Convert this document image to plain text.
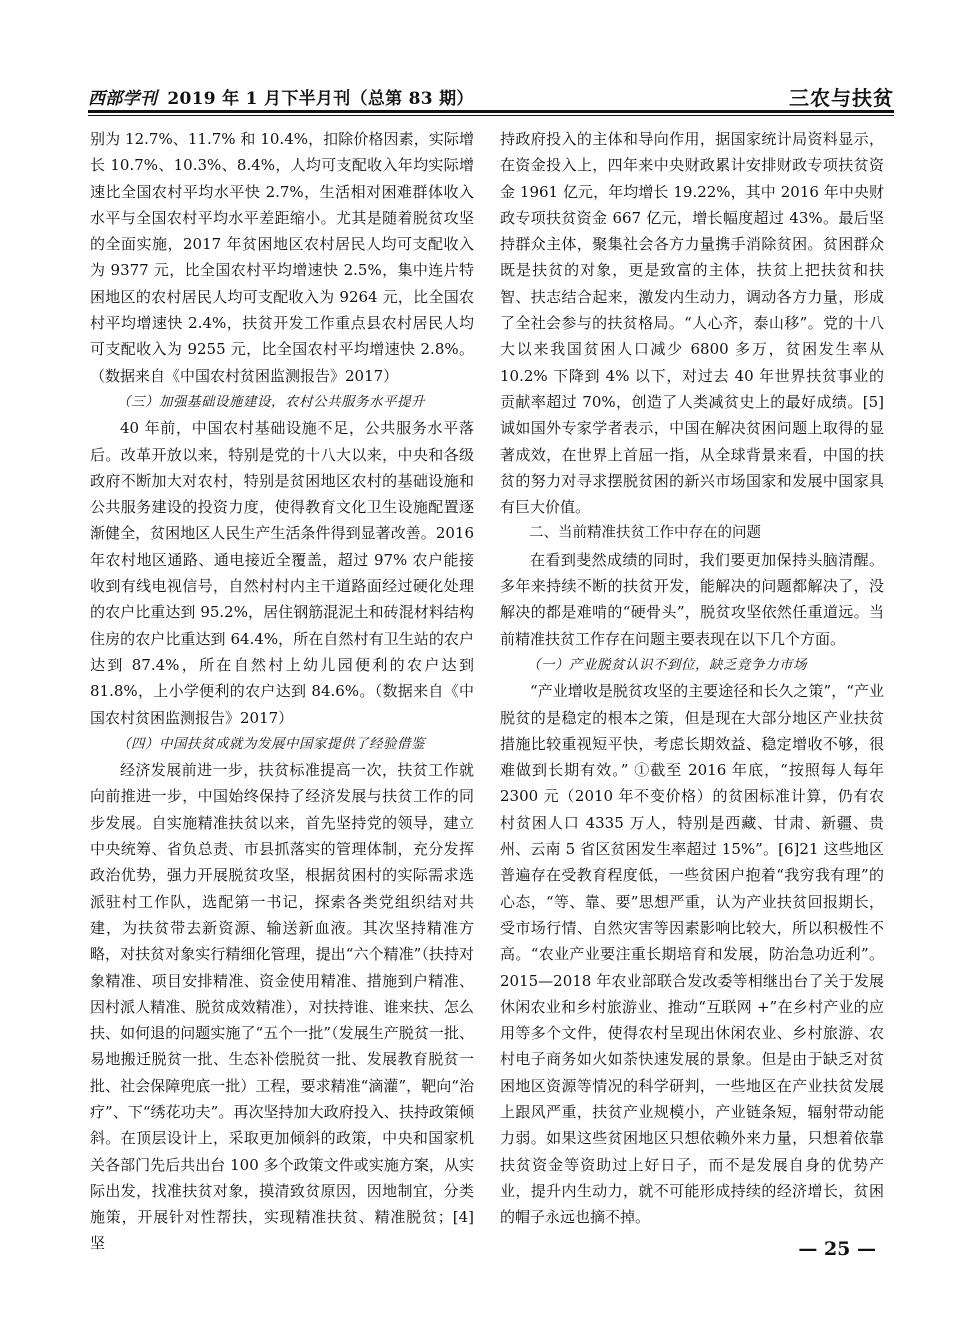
西部学刊 2019 年 1 月下半月刊（总第 83 期）	三农与扶贫

别为 12.7%、11.7% 和 10.4%，扣除价格因素，实际增长 10.7%、10.3%、8.4%，人均可支配收入年均实际增速比全国农村平均水平快 2.7%，生活相对困难群体收入水平与全国农村平均水平差距缩小。尤其是随着脱贫攻坚的全面实施，2017 年贫困地区农村居民人均可支配收入为 9377 元，比全国农村平均增速快 2.5%，集中连片特困地区的农村居民人均可支配收入为 9264 元，比全国农村平均增速快 2.4%，扶贫开发工作重点县农村居民人均可支配收入为 9255 元，比全国农村平均增速快 2.8%。（数据来自《中国农村贫困监测报告》2017）

（三）加强基础设施建设，农村公共服务水平提升

40 年前，中国农村基础设施不足，公共服务水平落后。改革开放以来，特别是党的十八大以来，中央和各级政府不断加大对农村，特别是贫困地区农村的基础设施和公共服务建设的投资力度，使得教育文化卫生设施配置逐渐健全，贫困地区人民生产生活条件得到显著改善。2016 年农村地区通路、通电接近全覆盖，超过 97% 农户能接收到有线电视信号，自然村村内主干道路面经过硬化处理的农户比重达到 95.2%，居住钢筋混泥土和砖混材料结构住房的农户比重达到 64.4%，所在自然村有卫生站的农户达到 87.4%，所在自然村上幼儿园便利的农户达到 81.8%，上小学便利的农户达到 84.6%。（数据来自《中国农村贫困监测报告》2017）

（四）中国扶贫成就为发展中国家提供了经验借鉴

经济发展前进一步，扶贫标准提高一次，扶贫工作就向前推进一步，中国始终保持了经济发展与扶贫工作的同步发展。自实施精准扶贫以来，首先坚持党的领导，建立中央统筹、省负总责、市县抓落实的管理体制，充分发挥政治优势，强力开展脱贫攻坚，根据贫困村的实际需求选派驻村工作队，选配第一书记，探索各类党组织结对共建，为扶贫带去新资源、输送新血液。其次坚持精准方略，对扶贫对象实行精细化管理，提出“六个精准”（扶持对象精准、项目安排精准、资金使用精准、措施到户精准、因村派人精准、脱贫成效精准），对扶持谁、谁来扶、怎么扶、如何退的问题实施了“五个一批”（发展生产脱贫一批、易地搬迁脱贫一批、生态补偿脱贫一批、发展教育脱贫一批、社会保障兜底一批）工程，要求精准“滴灌”，靶向“治疗”、下“绣花功夫”。再次坚持加大政府投入、扶持政策倾斜。在顶层设计上，采取更加倾斜的政策，中央和国家机关各部门先后共出台 100 多个政策文件或实施方案，从实际出发，找准扶贫对象，摸清致贫原因，因地制宜，分类施策，开展针对性帮扶，实现精准扶贫、精准脱贫；[4] 坚

持政府投入的主体和导向作用，据国家统计局资料显示，在资金投入上，四年来中央财政累计安排财政专项扶贫资金 1961 亿元，年均增长 19.22%，其中 2016 年中央财政专项扶贫资金 667 亿元，增长幅度超过 43%。最后坚持群众主体，聚集社会各方力量携手消除贫困。贫困群众既是扶贫的对象，更是致富的主体，扶贫上把扶贫和扶智、扶志结合起来，激发内生动力，调动各方力量，形成了全社会参与的扶贫格局。“人心齐，泰山移”。党的十八大以来我国贫困人口减少 6800 多万，贫困发生率从 10.2% 下降到 4% 以下，对过去 40 年世界扶贫事业的贡献率超过 70%，创造了人类减贫史上的最好成绩。[5] 诚如国外专家学者表示，中国在解决贫困问题上取得的显著成效，在世界上首屈一指，从全球背景来看，中国的扶贫的努力对寻求摆脱贫困的新兴市场国家和发展中国家具有巨大价值。

二、当前精准扶贫工作中存在的问题

在看到斐然成绩的同时，我们要更加保持头脑清醒。多年来持续不断的扶贫开发，能解决的问题都解决了，没解决的都是难啃的“硬骨头”，脱贫攻坚依然任重道远。当前精准扶贫工作存在问题主要表现在以下几个方面。

（一）产业脱贫认识不到位，缺乏竞争力市场

“产业增收是脱贫攻坚的主要途径和长久之策”，“产业脱贫的是稳定的根本之策，但是现在大部分地区产业扶贫措施比较重视短平快，考虑长期效益、稳定增收不够，很难做到长期有效。” ①截至 2016 年底，“按照每人每年 2300 元（2010 年不变价格）的贫困标准计算，仍有农村贫困人口 4335 万人，特别是西藏、甘肃、新疆、贵州、云南 5 省区贫困发生率超过 15%”。[6]21 这些地区普遍存在受教育程度低，一些贫困户抱着“我穷我有理”的心态，“等、靠、要”思想严重，认为产业扶贫回报期长，受市场行情、自然灾害等因素影响比较大，所以积极性不高。“农业产业要注重长期培育和发展，防治急功近利”。2015—2018 年农业部联合发改委等相继出台了关于发展休闲农业和乡村旅游业、推动“互联网 +”在乡村产业的应用等多个文件，使得农村呈现出休闲农业、乡村旅游、农村电子商务如火如荼快速发展的景象。但是由于缺乏对贫困地区资源等情况的科学研判，一些地区在产业扶贫发展上跟风严重，扶贫产业规模小，产业链条短，辐射带动能力弱。如果这些贫困地区只想依赖外来力量，只想着依靠扶贫资金等资助过上好日子，而不是发展自身的优势产业，提升内生动力，就不可能形成持续的经济增长，贫困的帽子永远也摘不掉。

— 25 —
